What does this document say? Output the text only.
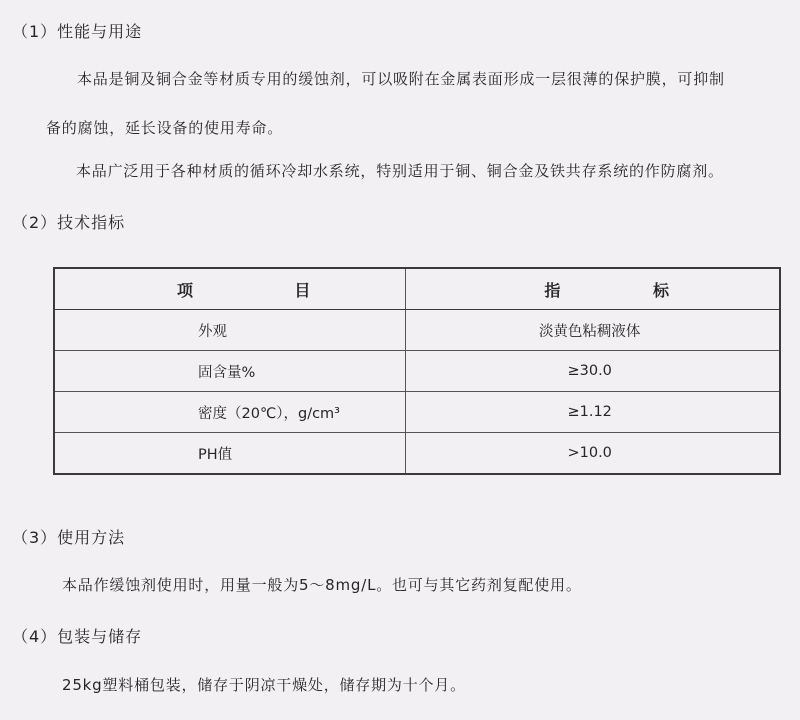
（1）性能与用途
本品是铜及铜合金等材质专用的缓蚀剂，可以吸附在金属表面形成一层很薄的保护膜，可抑制
备的腐蚀，延长设备的使用寿命。
本品广泛用于各种材质的循环冷却水系统，特别适用于铜、铜合金及铁共存系统的作防腐剂。
（2）技术指标
项 目	指 标

外观	淡黄色粘稠液体
固含量%	≥30.0
密度（20℃），g/cm³	≥1.12
PH值	>10.0
（3）使用方法
本品作缓蚀剂使用时，用量一般为5～8mg/L。也可与其它药剂复配使用。
（4）包装与储存
25kg塑料桶包装，储存于阴凉干燥处，储存期为十个月。
